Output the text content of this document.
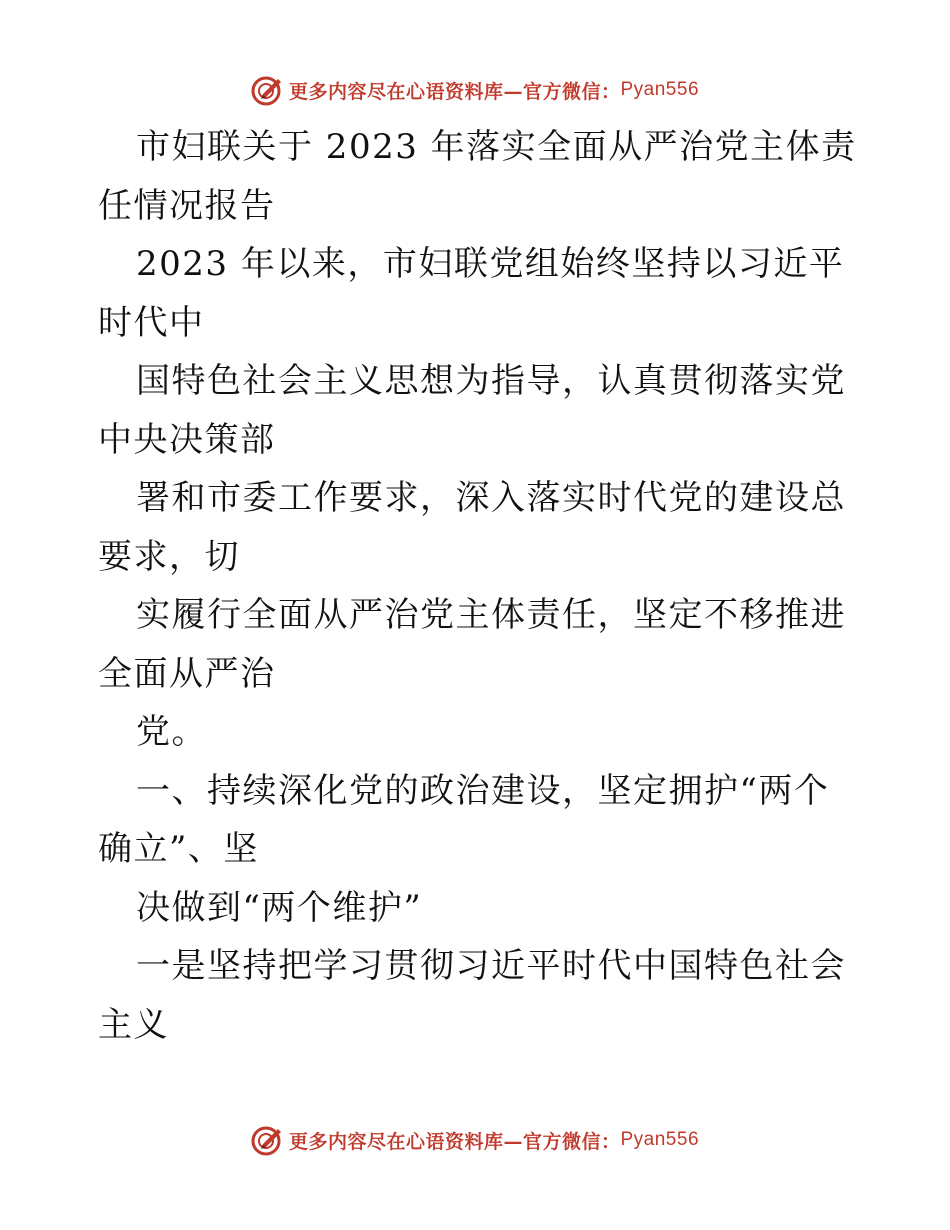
更多内容尽在心语资料库—官方微信： Pyan556

市妇联关于 2023 年落实全面从严治党主体责任情况报告

2023 年以来，市妇联党组始终坚持以习近平时代中

国特色社会主义思想为指导，认真贯彻落实党中央决策部

署和市委工作要求，深入落实时代党的建设总要求，切

实履行全面从严治党主体责任，坚定不移推进全面从严治

党。

一、持续深化党的政治建设，坚定拥护“两个确立”、坚

决做到“两个维护”

一是坚持把学习贯彻习近平时代中国特色社会主义

更多内容尽在心语资料库—官方微信： Pyan556
